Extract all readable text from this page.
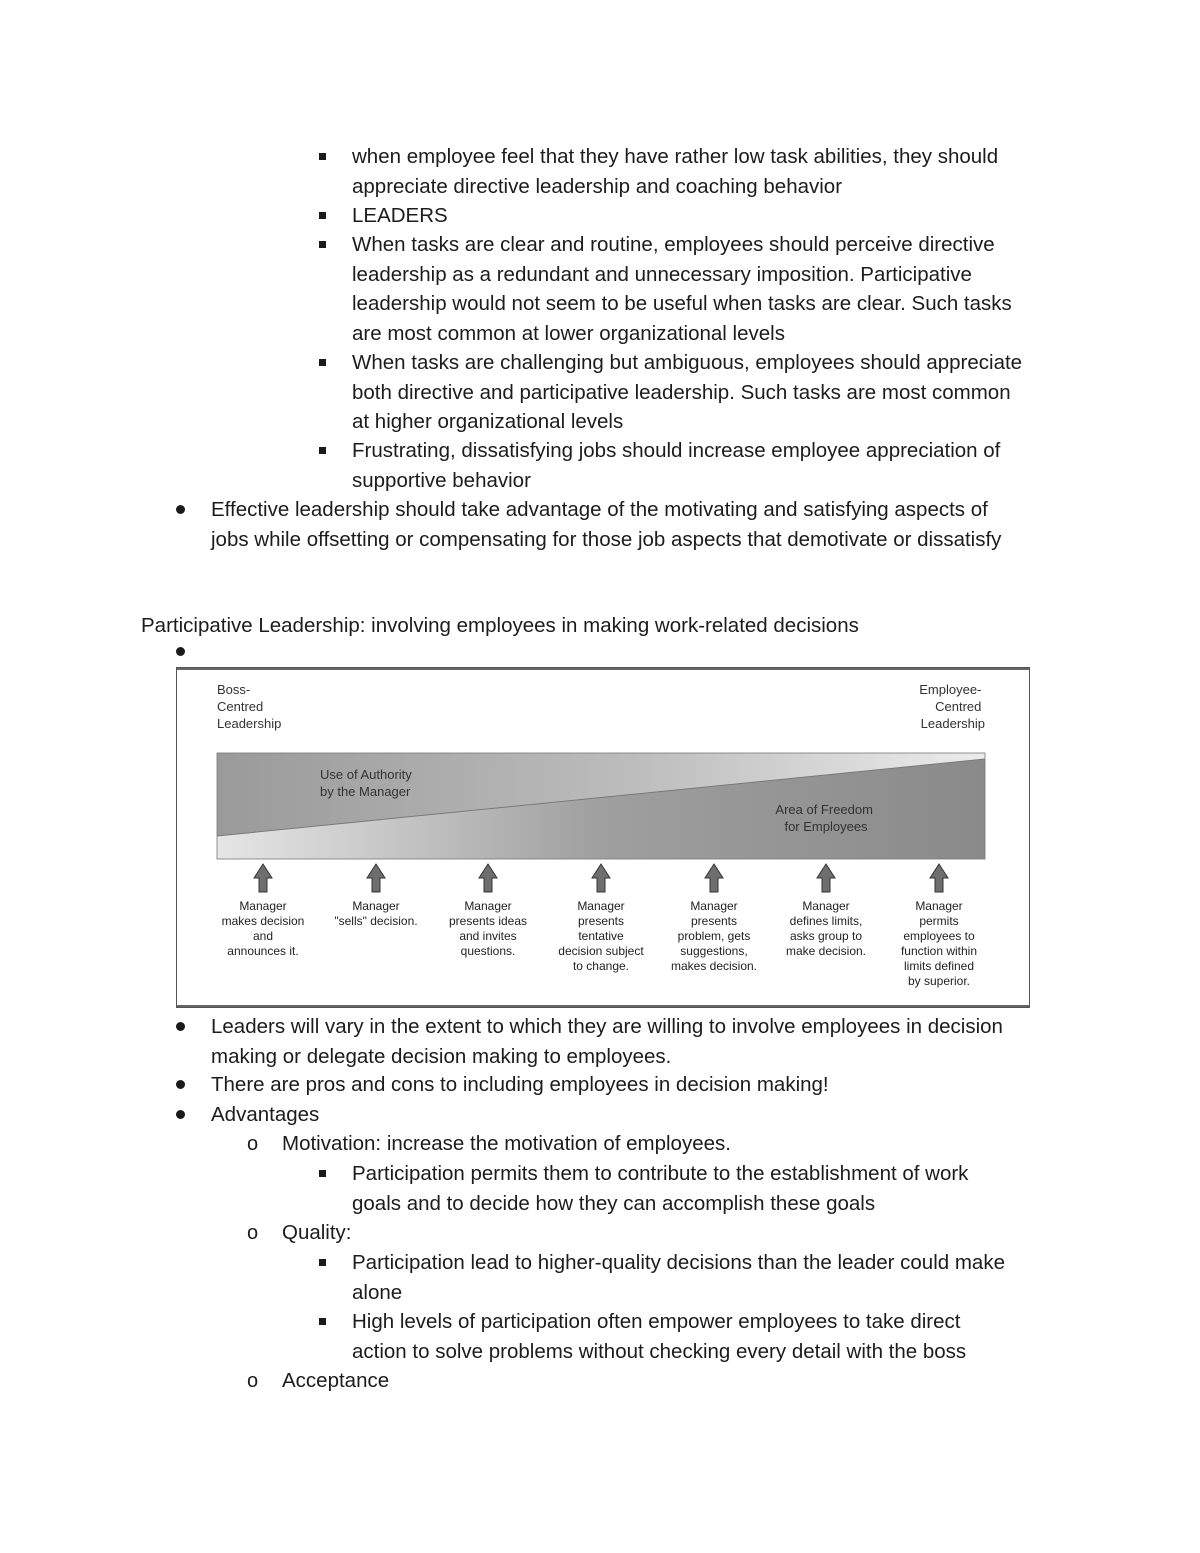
when employee feel that they have rather low task abilities, they should
appreciate directive leadership and coaching behavior
LEADERS
When tasks are clear and routine, employees should perceive directive
leadership as a redundant and unnecessary imposition. Participative
leadership would not seem to be useful when tasks are clear. Such tasks
are most common at lower organizational levels
When tasks are challenging but ambiguous, employees should appreciate
both directive and participative leadership. Such tasks are most common
at higher organizational levels
Frustrating, dissatisfying jobs should increase employee appreciation of
supportive behavior
Effective leadership should take advantage of the motivating and satisfying aspects of
jobs while offsetting or compensating for those job aspects that demotivate or dissatisfy
Participative Leadership: involving employees in making work-related decisions
Boss- Centred Leadership
Employee- Centred Leadership
Use of Authority by the Manager
Area of Freedom for Employees
Manager makes decision and announces it.
Manager "sells" decision.
Manager presents ideas and invites questions.
Manager presents tentative decision subject to change.
Manager presents problem, gets suggestions, makes decision.
Manager defines limits, asks group to make decision.
Manager permits employees to function within limits defined by superior.
Leaders will vary in the extent to which they are willing to involve employees in decision
making or delegate decision making to employees.
There are pros and cons to including employees in decision making!
Advantages
o Motivation: increase the motivation of employees.
Participation permits them to contribute to the establishment of work
goals and to decide how they can accomplish these goals
o Quality:
Participation lead to higher-quality decisions than the leader could make
alone
High levels of participation often empower employees to take direct
action to solve problems without checking every detail with the boss
o Acceptance
